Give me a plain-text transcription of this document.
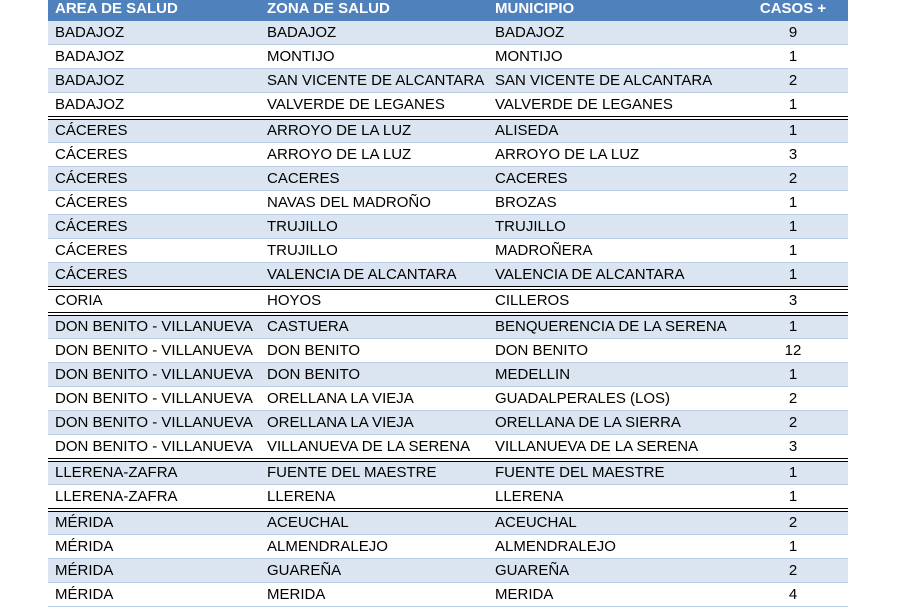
AREA DE SALUD	ZONA DE SALUD	MUNICIPIO	CASOS +
BADAJOZ	BADAJOZ	BADAJOZ	9
BADAJOZ	MONTIJO	MONTIJO	1
BADAJOZ	SAN VICENTE DE ALCANTARA	SAN VICENTE DE ALCANTARA	2
BADAJOZ	VALVERDE DE LEGANES	VALVERDE DE LEGANES	1
CÁCERES	ARROYO DE LA LUZ	ALISEDA	1
CÁCERES	ARROYO DE LA LUZ	ARROYO DE LA LUZ	3
CÁCERES	CACERES	CACERES	2
CÁCERES	NAVAS DEL MADROÑO	BROZAS	1
CÁCERES	TRUJILLO	TRUJILLO	1
CÁCERES	TRUJILLO	MADROÑERA	1
CÁCERES	VALENCIA DE ALCANTARA	VALENCIA DE ALCANTARA	1
CORIA	HOYOS	CILLEROS	3
DON BENITO - VILLANUEVA	CASTUERA	BENQUERENCIA DE LA SERENA	1
DON BENITO - VILLANUEVA	DON BENITO	DON BENITO	12
DON BENITO - VILLANUEVA	DON BENITO	MEDELLIN	1
DON BENITO - VILLANUEVA	ORELLANA LA VIEJA	GUADALPERALES (LOS)	2
DON BENITO - VILLANUEVA	ORELLANA LA VIEJA	ORELLANA DE LA SIERRA	2
DON BENITO - VILLANUEVA	VILLANUEVA DE LA SERENA	VILLANUEVA DE LA SERENA	3
LLERENA-ZAFRA	FUENTE DEL MAESTRE	FUENTE DEL MAESTRE	1
LLERENA-ZAFRA	LLERENA	LLERENA	1
MÉRIDA	ACEUCHAL	ACEUCHAL	2
MÉRIDA	ALMENDRALEJO	ALMENDRALEJO	1
MÉRIDA	GUAREÑA	GUAREÑA	2
MÉRIDA	MERIDA	MERIDA	4
